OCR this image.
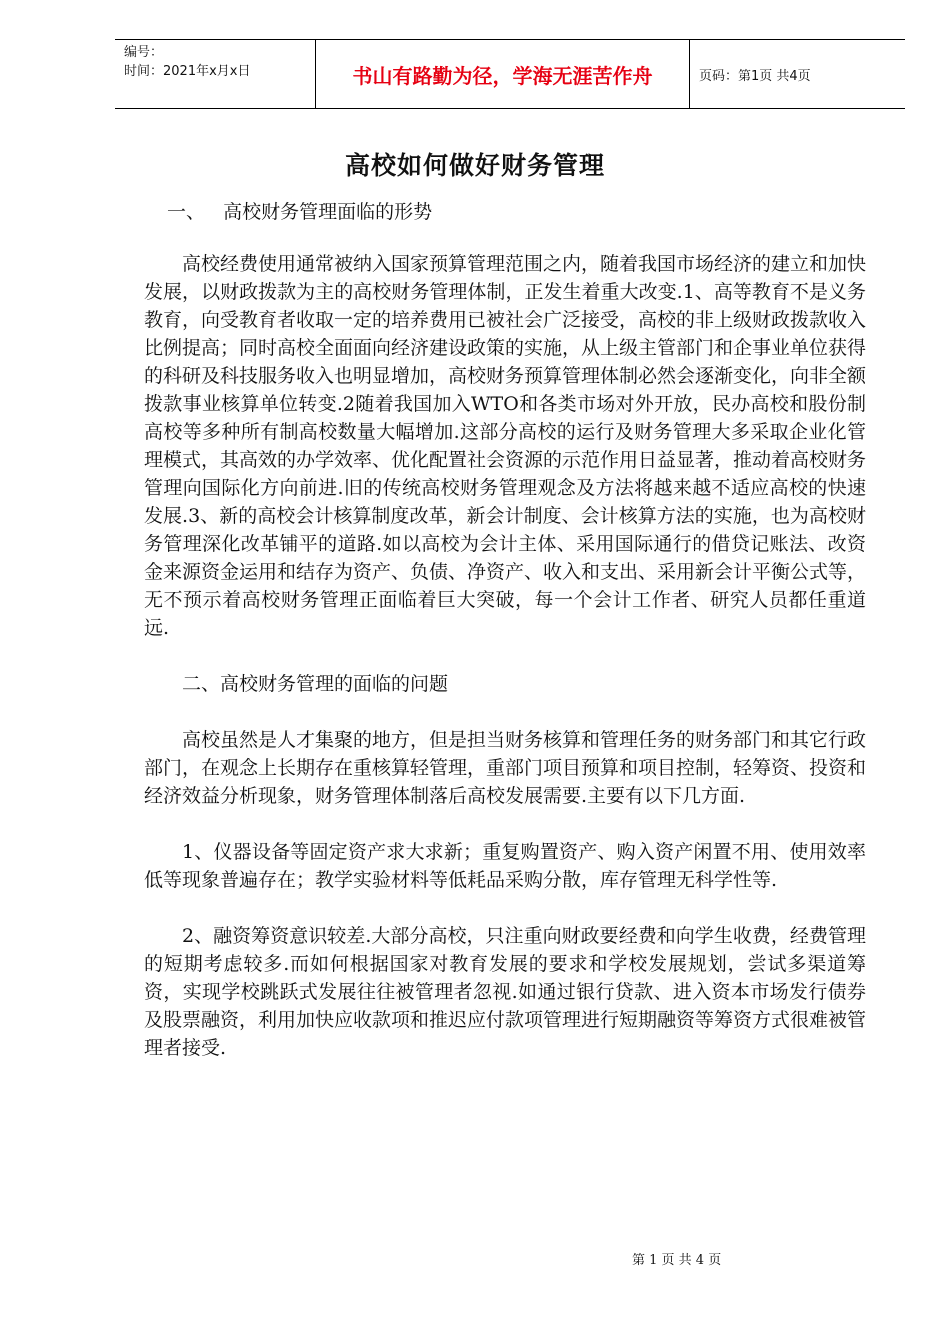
编号：
时间：2021年x月x日	书山有路勤为径，学海无涯苦作舟	页码：第1页 共4页
高校如何做好财务管理
一、   高校财务管理面临的形势

高校经费使用通常被纳入国家预算管理范围之内，随着我国市场经济的建立和加快发展，以财政拨款为主的高校财务管理体制，正发生着重大改变.1、高等教育不是义务教育，向受教育者收取一定的培养费用已被社会广泛接受，高校的非上级财政拨款收入比例提高；同时高校全面面向经济建设政策的实施，从上级主管部门和企事业单位获得的科研及科技服务收入也明显增加，高校财务预算管理体制必然会逐渐变化，向非全额拨款事业核算单位转变.2随着我国加入WTO和各类市场对外开放，民办高校和股份制高校等多种所有制高校数量大幅增加.这部分高校的运行及财务管理大多采取企业化管理模式，其高效的办学效率、优化配置社会资源的示范作用日益显著，推动着高校财务管理向国际化方向前进.旧的传统高校财务管理观念及方法将越来越不适应高校的快速发展.3、新的高校会计核算制度改革，新会计制度、会计核算方法的实施，也为高校财务管理深化改革铺平的道路.如以高校为会计主体、采用国际通行的借贷记账法、改资金来源资金运用和结存为资产、负债、净资产、收入和支出、采用新会计平衡公式等，无不预示着高校财务管理正面临着巨大突破，每一个会计工作者、研究人员都任重道远.

二、高校财务管理的面临的问题

高校虽然是人才集聚的地方，但是担当财务核算和管理任务的财务部门和其它行政部门，在观念上长期存在重核算轻管理，重部门项目预算和项目控制，轻筹资、投资和经济效益分析现象，财务管理体制落后高校发展需要.主要有以下几方面.

1、仪器设备等固定资产求大求新；重复购置资产、购入资产闲置不用、使用效率低等现象普遍存在；教学实验材料等低耗品采购分散，库存管理无科学性等.

2、融资筹资意识较差.大部分高校，只注重向财政要经费和向学生收费，经费管理的短期考虑较多.而如何根据国家对教育发展的要求和学校发展规划，尝试多渠道筹资，实现学校跳跃式发展往往被管理者忽视.如通过银行贷款、进入资本市场发行债券及股票融资，利用加快应收款项和推迟应付款项管理进行短期融资等筹资方式很难被管理者接受.

第 1 页 共 4 页
